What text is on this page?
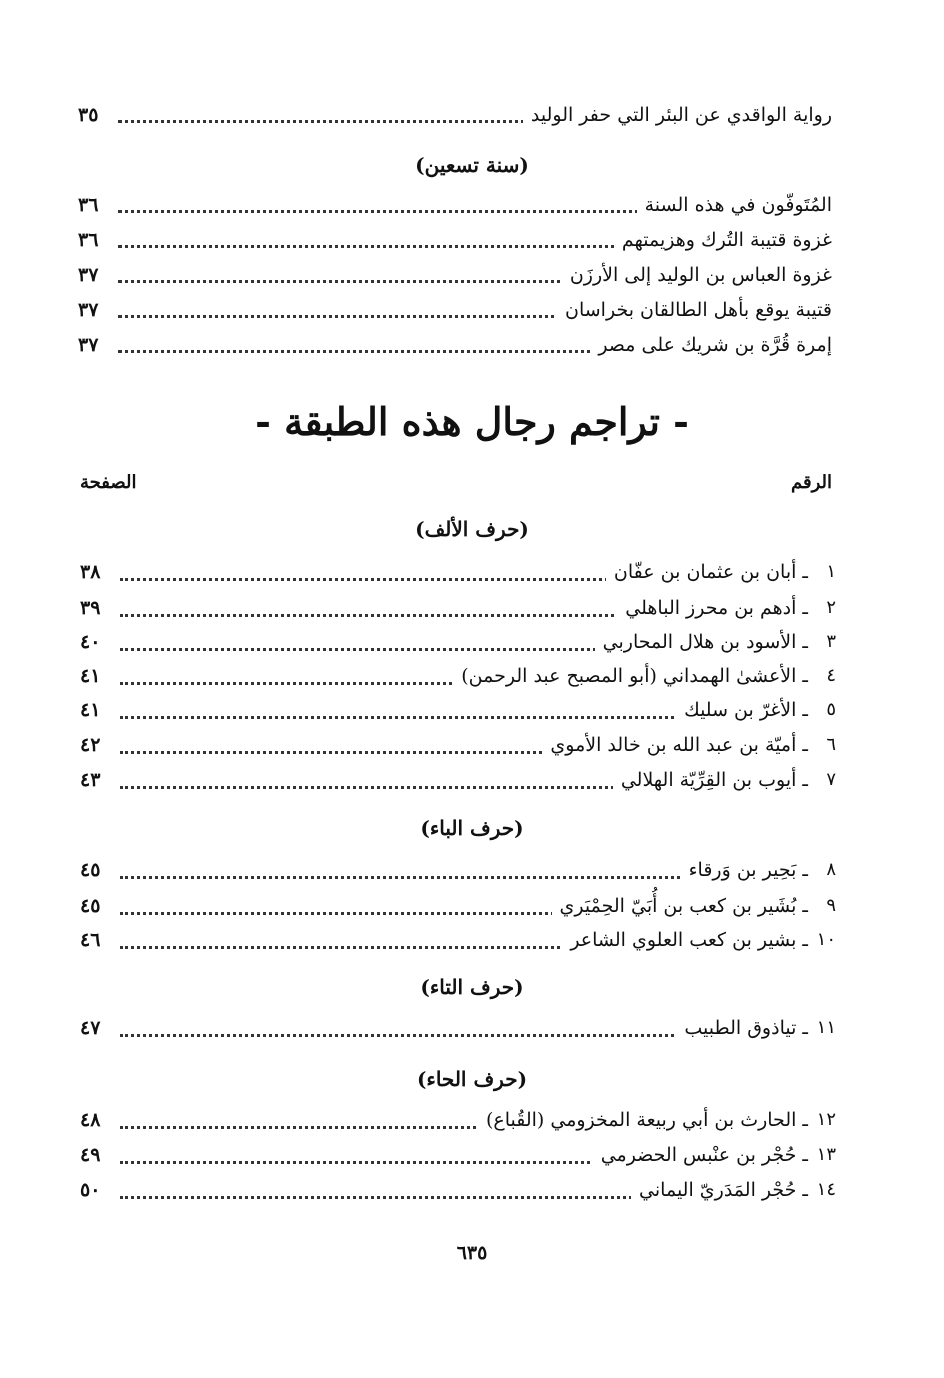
رواية الواقدي عن البئر التي حفر الوليد
٣٥
(سنة تسعين)
المُتَوفّون في هذه السنة
٣٦
غزوة قتيبة التُرك وهزيمتهم
٣٦
غزوة العباس بن الوليد إلى الأرزَن
٣٧
قتيبة يوقع بأهل الطالقان بخراسان
٣٧
إمرة قُرَّة بن شريك على مصر
٣٧
- تراجم رجال هذه الطبقة -
الرقم
الصفحة
(حرف الألف)
١
ـ أبان بن عثمان بن عفّان
٣٨
٢
ـ أدهم بن محرز الباهلي
٣٩
٣
ـ الأسود بن هلال المحاربي
٤٠
٤
ـ الأعشىٰ الهمداني (أبو المصبح عبد الرحمن)
٤١
٥
ـ الأغرّ بن سليك
٤١
٦
ـ أميّة بن عبد الله بن خالد الأموي
٤٢
٧
ـ أيوب بن القِرِّيّة الهلالي
٤٣
(حرف الباء)
٨
ـ بَحِير بن وَرقاء
٤٥
٩
ـ بُشَير بن كعب بن أُبَيّ الحِمْيَري
٤٥
١٠
ـ بشير بن كعب العلوي الشاعر
٤٦
(حرف التاء)
١١
ـ تياذوق الطبيب
٤٧
(حرف الحاء)
١٢
ـ الحارث بن أبي ربيعة المخزومي (القُباع)
٤٨
١٣
ـ حُجْر بن عنْبس الحضرمي
٤٩
١٤
ـ حُجْر المَدَريّ اليماني
٥٠
٦٣٥
